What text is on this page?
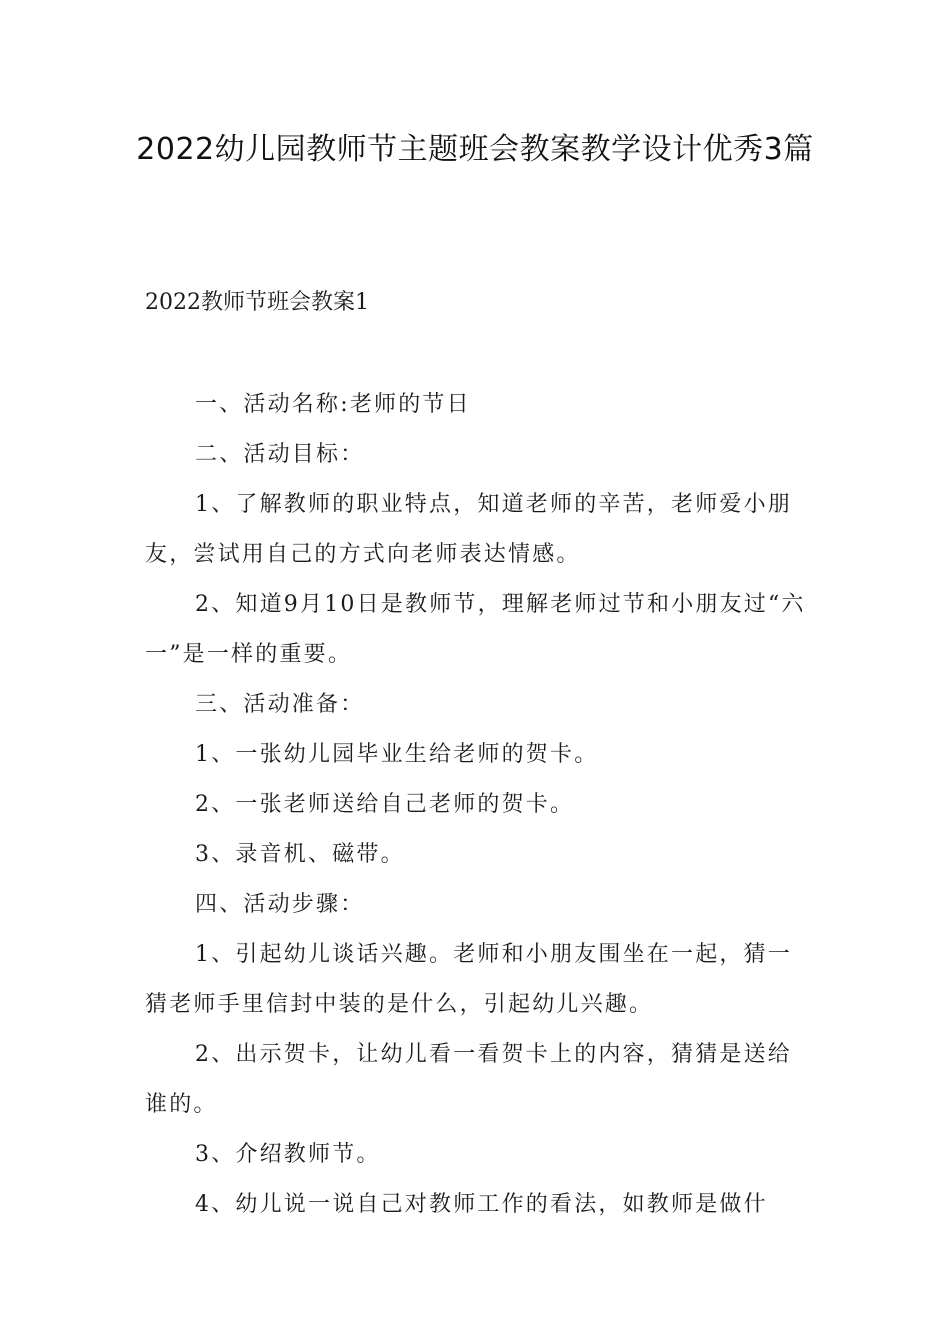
2022幼儿园教师节主题班会教案教学设计优秀3篇
2022教师节班会教案1

一、活动名称:老师的节日

二、活动目标：

1、了解教师的职业特点，知道老师的辛苦，老师爱小朋友，尝试用自己的方式向老师表达情感。

2、知道9月10日是教师节，理解老师过节和小朋友过“六一”是一样的重要。

三、活动准备：

1、一张幼儿园毕业生给老师的贺卡。

2、一张老师送给自己老师的贺卡。

3、录音机、磁带。

四、活动步骤：

1、引起幼儿谈话兴趣。老师和小朋友围坐在一起，猜一猜老师手里信封中装的是什么，引起幼儿兴趣。

2、出示贺卡，让幼儿看一看贺卡上的内容，猜猜是送给谁的。

3、介绍教师节。

4、幼儿说一说自己对教师工作的看法，如教师是做什
